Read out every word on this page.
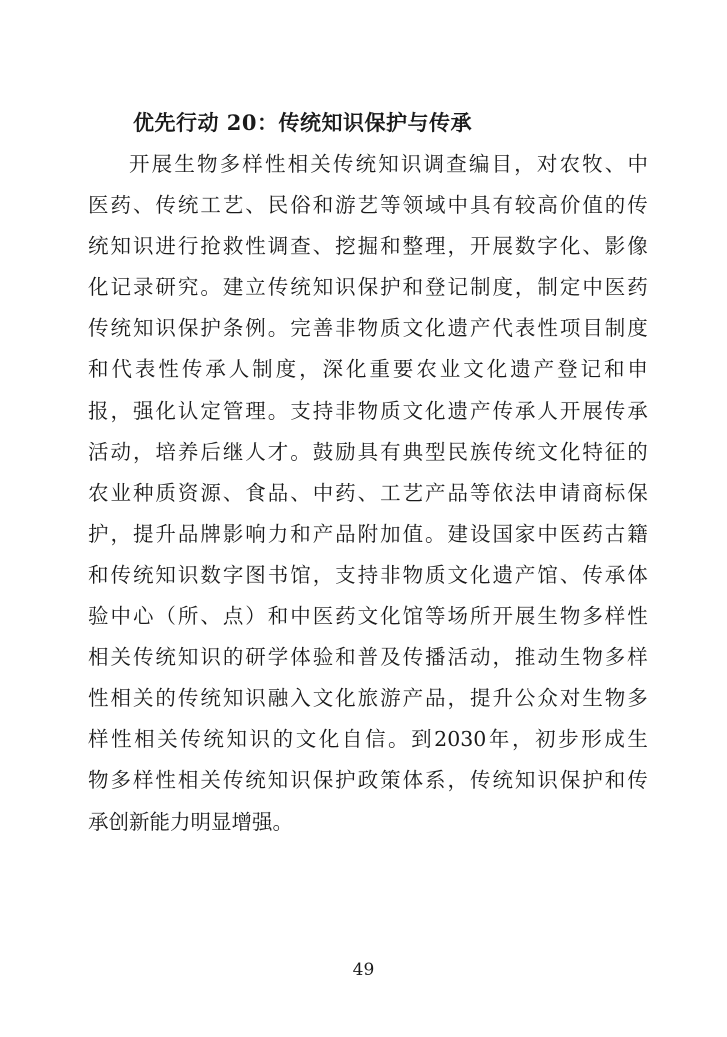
优先行动 20：传统知识保护与传承
开 展 生 物 多 样 性 相 关 传 统 知 识 调 查 编 目 ， 对 农 牧 、 中
医 药 、 传 统 工 艺 、 民 俗 和 游 艺 等 领 域 中 具 有 较 高 价 值 的 传
统 知 识 进 行 抢 救 性 调 查 、 挖 掘 和 整 理 ， 开 展 数 字 化 、 影 像
化 记 录 研 究 。 建 立 传 统 知 识 保 护 和 登 记 制 度 ， 制 定 中 医 药
传 统 知 识 保 护 条 例 。 完 善 非 物 质 文 化 遗 产 代 表 性 项 目 制 度
和 代 表 性 传 承 人 制 度 ， 深 化 重 要 农 业 文 化 遗 产 登 记 和 申
报 ， 强 化 认 定 管 理 。 支 持 非 物 质 文 化 遗 产 传 承 人 开 展 传 承
活 动 ， 培 养 后 继 人 才 。 鼓 励 具 有 典 型 民 族 传 统 文 化 特 征 的
农 业 种 质 资 源 、 食 品 、 中 药 、 工 艺 产 品 等 依 法 申 请 商 标 保
护 ， 提 升 品 牌 影 响 力 和 产 品 附 加 值 。 建 设 国 家 中 医 药 古 籍
和 传 统 知 识 数 字 图 书 馆 ， 支 持 非 物 质 文 化 遗 产 馆 、 传 承 体
验 中 心 （ 所 、 点 ） 和 中 医 药 文 化 馆 等 场 所 开 展 生 物 多 样 性
相 关 传 统 知 识 的 研 学 体 验 和 普 及 传 播 活 动 ， 推 动 生 物 多 样
性 相 关 的 传 统 知 识 融 入 文 化 旅 游 产 品 ， 提 升 公 众 对 生 物 多
样 性 相 关 传 统 知 识 的 文 化 自 信 。 到 2030 年 ， 初 步 形 成 生
物 多 样 性 相 关 传 统 知 识 保 护 政 策 体 系 ， 传 统 知 识 保 护 和 传
承创新能力明显增强。
49
